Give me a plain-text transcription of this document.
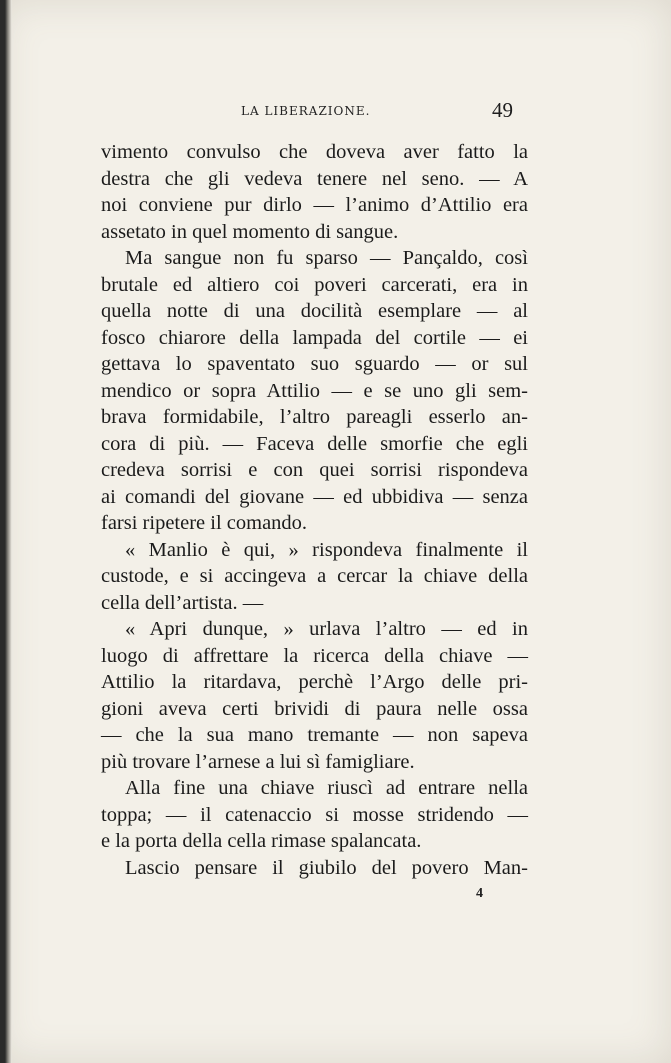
LA LIBERAZIONE.	49
vimento convulso che doveva aver fatto la
destra che gli vedeva tenere nel seno. — A
noi conviene pur dirlo — l’animo d’Attilio era
assetato in quel momento di sangue.
Ma sangue non fu sparso — Pançaldo, così
brutale ed altiero coi poveri carcerati, era in
quella notte di una docilità esemplare — al
fosco chiarore della lampada del cortile — ei
gettava lo spaventato suo sguardo — or sul
mendico or sopra Attilio — e se uno gli sem-
brava formidabile, l’altro pareagli esserlo an-
cora di più. — Faceva delle smorfie che egli
credeva sorrisi e con quei sorrisi rispondeva
ai comandi del giovane — ed ubbidiva — senza
farsi ripetere il comando.
« Manlio è qui, » rispondeva finalmente il
custode, e si accingeva a cercar la chiave della
cella dell’artista. —
« Apri dunque, » urlava l’altro — ed in
luogo di affrettare la ricerca della chiave —
Attilio la ritardava, perchè l’Argo delle pri-
gioni aveva certi brividi di paura nelle ossa
— che la sua mano tremante — non sapeva
più trovare l’arnese a lui sì famigliare.
Alla fine una chiave riuscì ad entrare nella
toppa; — il catenaccio si mosse stridendo —
e la porta della cella rimase spalancata.
Lascio pensare il giubilo del povero Man-
4
